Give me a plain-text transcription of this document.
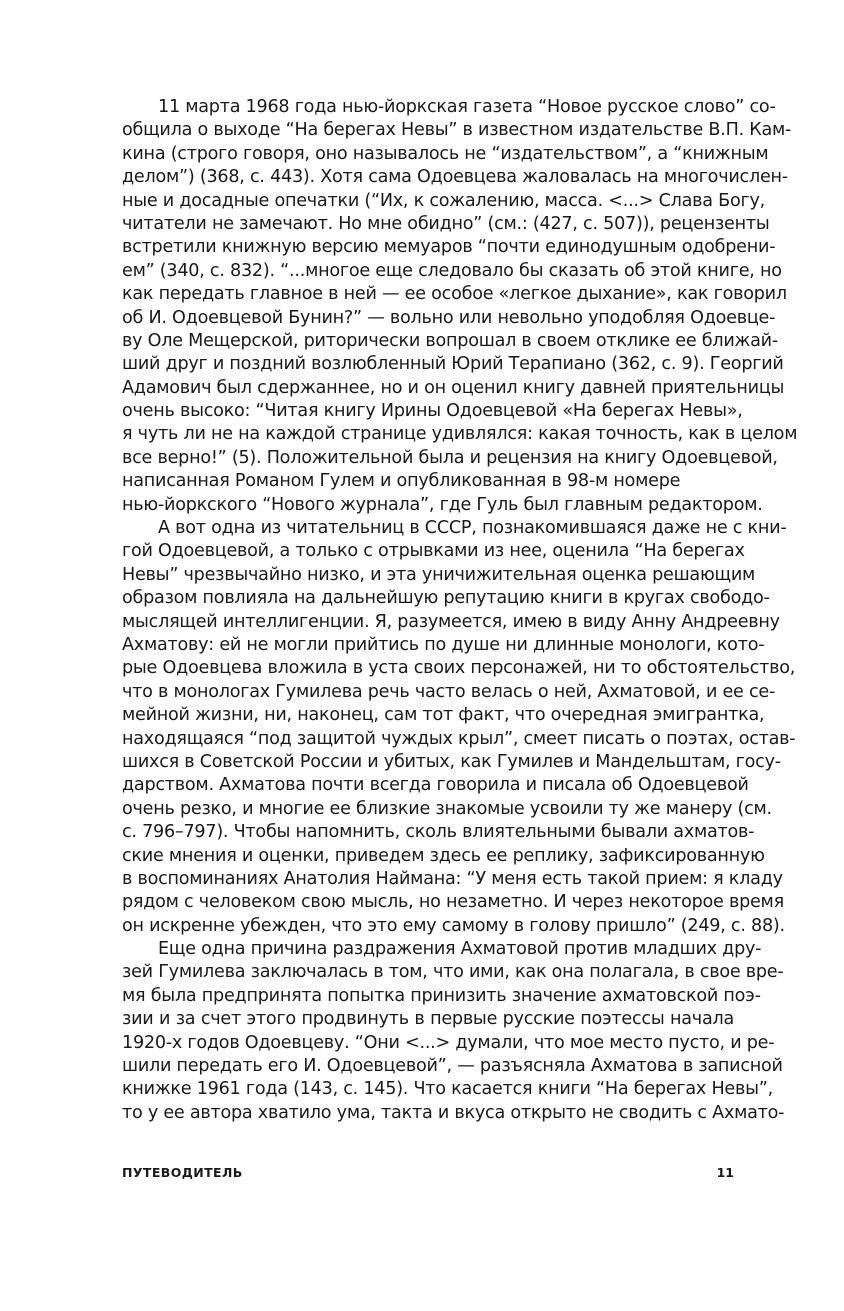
11 марта 1968 года нью-йоркская газета “Новое русское слово” со-
общила о выходе “На берегах Невы” в известном издательстве В.П. Кам-
кина (строго говоря, оно называлось не “издательством”, а “книжным
делом”) (368, с. 443). Хотя сама Одоевцева жаловалась на многочислен-
ные и досадные опечатки (“Их, к сожалению, масса. <...> Слава Богу,
читатели не замечают. Но мне обидно” (см.: (427, с. 507)), рецензенты
встретили книжную версию мемуаров “почти единодушным одобрени-
ем” (340, с. 832). “...многое еще следовало бы сказать об этой книге, но
как передать главное в ней — ее особое «легкое дыхание», как говорил
об И. Одоевцевой Бунин?” — вольно или невольно уподобляя Одоевце-
ву Оле Мещерской, риторически вопрошал в своем отклике ее ближай-
ший друг и поздний возлюбленный Юрий Терапиано (362, с. 9). Георгий
Адамович был сдержаннее, но и он оценил книгу давней приятельницы
очень высоко: “Читая книгу Ирины Одоевцевой «На берегах Невы»,
я чуть ли не на каждой странице удивлялся: какая точность, как в целом
все верно!” (5). Положительной была и рецензия на книгу Одоевцевой,
написанная Романом Гулем и опубликованная в 98-м номере
нью-йоркского “Нового журнала”, где Гуль был главным редактором.
А вот одна из читательниц в СССР, познакомившаяся даже не с кни-
гой Одоевцевой, а только с отрывками из нее, оценила “На берегах
Невы” чрезвычайно низко, и эта уничижительная оценка решающим
образом повлияла на дальнейшую репутацию книги в кругах свободо-
мыслящей интеллигенции. Я, разумеется, имею в виду Анну Андреевну
Ахматову: ей не могли прийтись по душе ни длинные монологи, кото-
рые Одоевцева вложила в уста своих персонажей, ни то обстоятельство,
что в монологах Гумилева речь часто велась о ней, Ахматовой, и ее се-
мейной жизни, ни, наконец, сам тот факт, что очередная эмигрантка,
находящаяся “под защитой чуждых крыл”, смеет писать о поэтах, остав-
шихся в Советской России и убитых, как Гумилев и Мандельштам, госу-
дарством. Ахматова почти всегда говорила и писала об Одоевцевой
очень резко, и многие ее близкие знакомые усвоили ту же манеру (см.
с. 796–797). Чтобы напомнить, сколь влиятельными бывали ахматов-
ские мнения и оценки, приведем здесь ее реплику, зафиксированную
в воспоминаниях Анатолия Наймана: “У меня есть такой прием: я кладу
рядом с человеком свою мысль, но незаметно. И через некоторое время
он искренне убежден, что это ему самому в голову пришло” (249, с. 88).
Еще одна причина раздражения Ахматовой против младших дру-
зей Гумилева заключалась в том, что ими, как она полагала, в свое вре-
мя была предпринята попытка принизить значение ахматовской поэ-
зии и за счет этого продвинуть в первые русские поэтессы начала
1920-х годов Одоевцеву. “Они <...> думали, что мое место пусто, и ре-
шили передать его И. Одоевцевой”, — разъясняла Ахматова в записной
книжке 1961 года (143, с. 145). Что касается книги “На берегах Невы”,
то у ее автора хватило ума, такта и вкуса открыто не сводить с Ахмато-
ПУТЕВОДИТЕЛЬ	11
